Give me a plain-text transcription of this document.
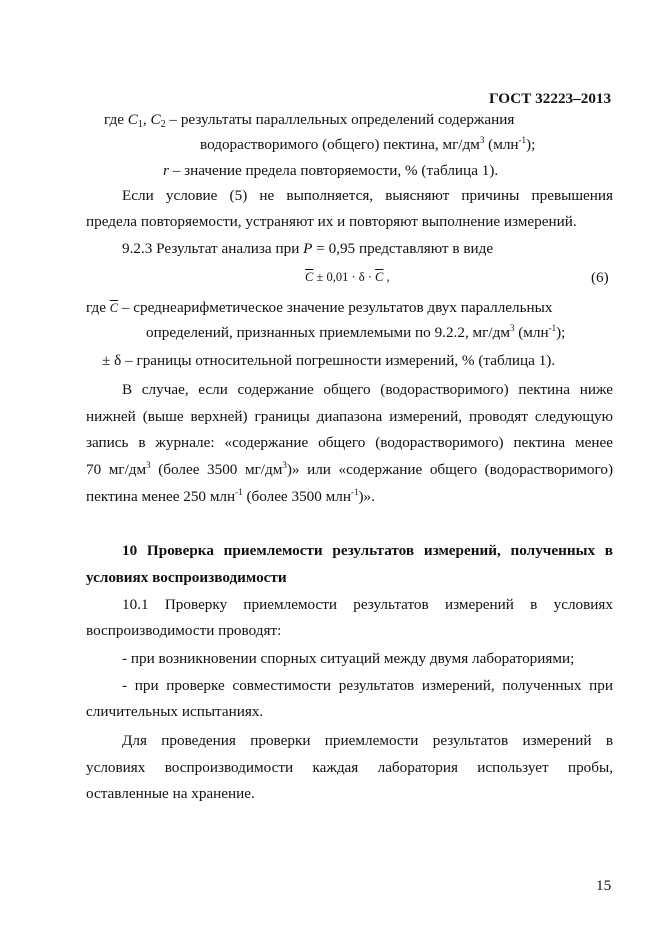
ГОСТ 32223–2013
где $C_1$, $C_2$ – результаты параллельных определений содержания
водорастворимого (общего) пектина, $мг/дм^3$ (млн$^{-1}$);
r – значение предела повторяемости, % (таблица 1).
Если условие (5) не выполняется, выясняют причины превышения
предела повторяемости, устраняют их и повторяют выполнение измерений.
9.2.3 Результат анализа при P = 0,95 представляют в виде
$\overline{C} \pm 0,01 \cdot \delta \cdot \overline{C}$ ,	(6)
где $\overline{C}$ – среднеарифметическое значение результатов двух параллельных
определений, признанных приемлемыми по 9.2.2, $мг/дм^3$ (млн$^{-1}$);
± δ – границы относительной погрешности измерений, % (таблица 1).
В случае, если содержание общего (водорастворимого) пектина ниже
нижней (выше верхней) границы диапазона измерений, проводят следующую
запись в журнале: «содержание общего (водорастворимого) пектина менее
70 $мг/дм^3$ (более 3500 $мг/дм^3$)» или «содержание общего (водорастворимого)
пектина менее 250 млн$^{-1}$ (более 3500 млн$^{-1}$)».
10 Проверка приемлемости результатов измерений, полученных в
условиях воспроизводимости
10.1 Проверку приемлемости результатов измерений в условиях
воспроизводимости проводят:
- при возникновении спорных ситуаций между двумя лабораториями;
- при проверке совместимости результатов измерений, полученных при
сличительных испытаниях.
Для проведения проверки приемлемости результатов измерений в
условиях воспроизводимости каждая лаборатория использует пробы,
оставленные на хранение.
15
